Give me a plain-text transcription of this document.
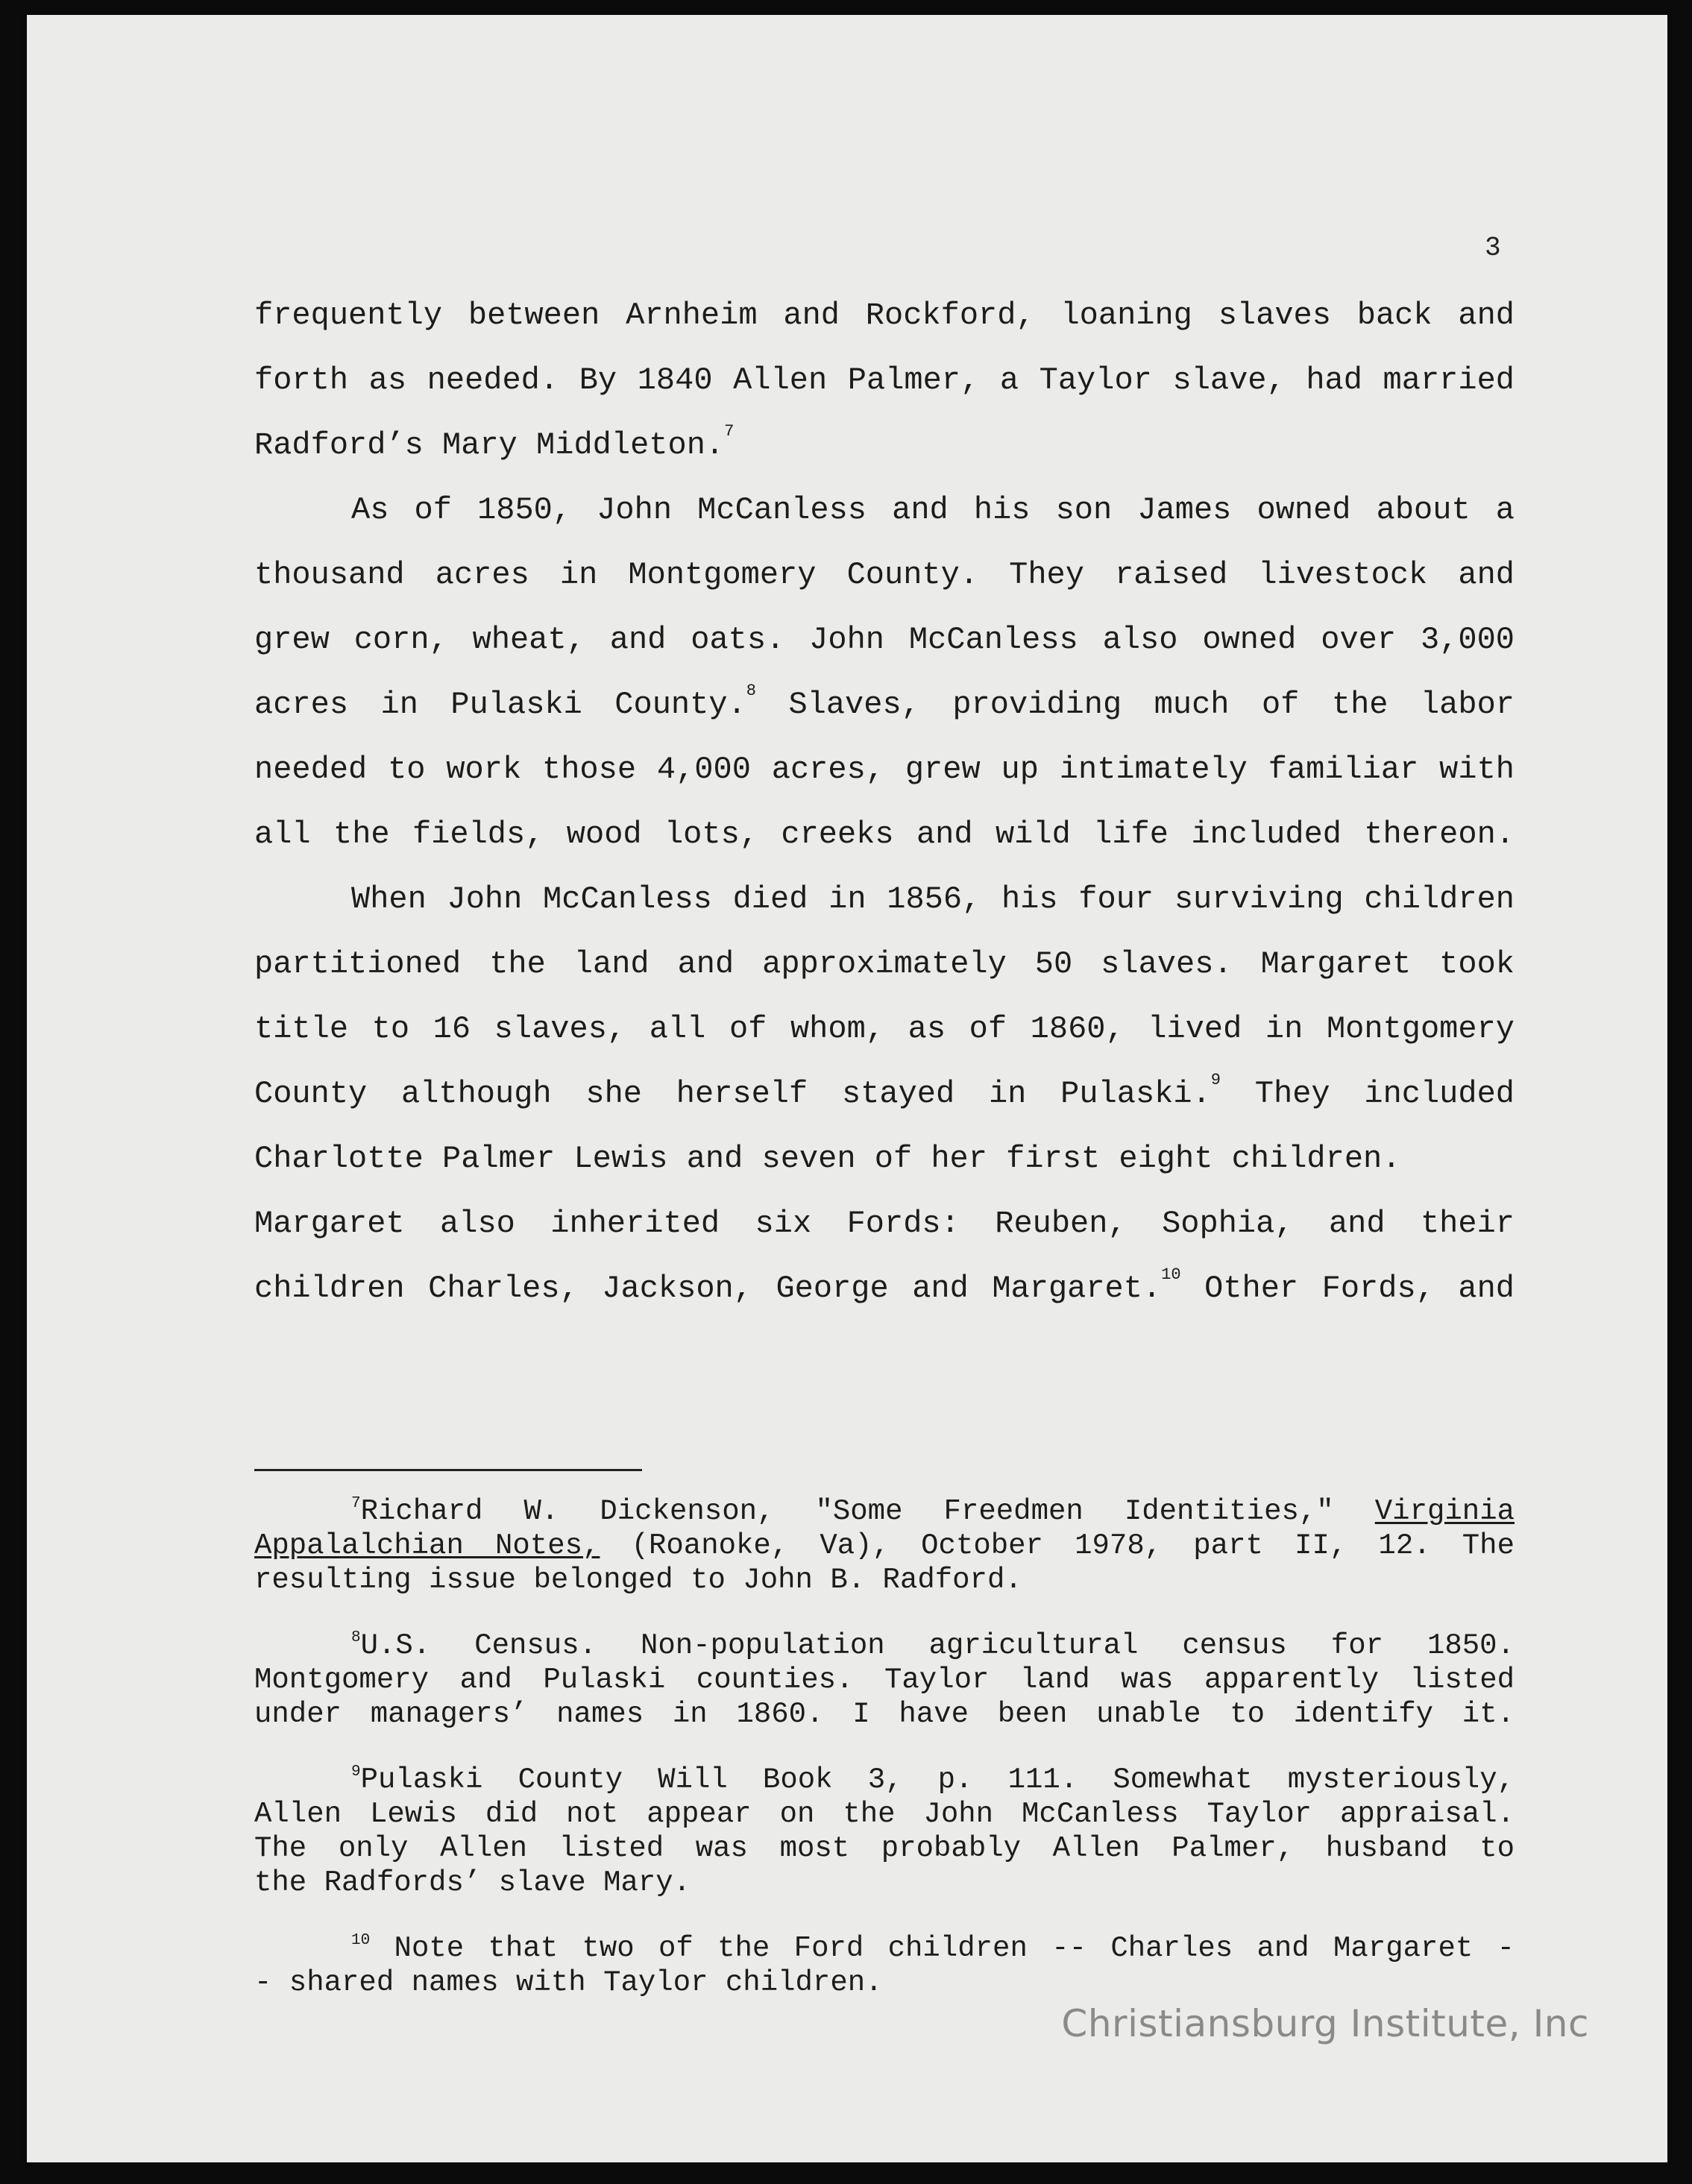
3

frequently between Arnheim and Rockford, loaning slaves back and
forth as needed. By 1840 Allen Palmer, a Taylor slave, had married
Radford’s Mary Middleton.$^7$
As of 1850, John McCanless and his son James owned about a
thousand acres in Montgomery County. They raised livestock and
grew corn, wheat, and oats. John McCanless also owned over 3,000
acres in Pulaski County.$^8$ Slaves, providing much of the labor
needed to work those 4,000 acres, grew up intimately familiar with
all the fields, wood lots, creeks and wild life included thereon.
When John McCanless died in 1856, his four surviving children
partitioned the land and approximately 50 slaves. Margaret took
title to 16 slaves, all of whom, as of 1860, lived in Montgomery
County although she herself stayed in Pulaski.$^9$ They included
Charlotte Palmer Lewis and seven of her first eight children.
Margaret also inherited six Fords: Reuben, Sophia, and their
children Charles, Jackson, George and Margaret.$^{10}$ Other Fords, and
$^7$Richard W. Dickenson, "Some Freedmen Identities," Virginia
Appalalchian Notes, (Roanoke, Va), October 1978, part II, 12. The
resulting issue belonged to John B. Radford.
$^8$U.S. Census. Non-population agricultural census for 1850.
Montgomery and Pulaski counties. Taylor land was apparently listed
under managers’ names in 1860. I have been unable to identify it.
$^9$Pulaski County Will Book 3, p. 111. Somewhat mysteriously,
Allen Lewis did not appear on the John McCanless Taylor appraisal.
The only Allen listed was most probably Allen Palmer, husband to
the Radfords’ slave Mary.
$^{10}$ Note that two of the Ford children -- Charles and Margaret -
- shared names with Taylor children.

Christiansburg Institute, Inc
